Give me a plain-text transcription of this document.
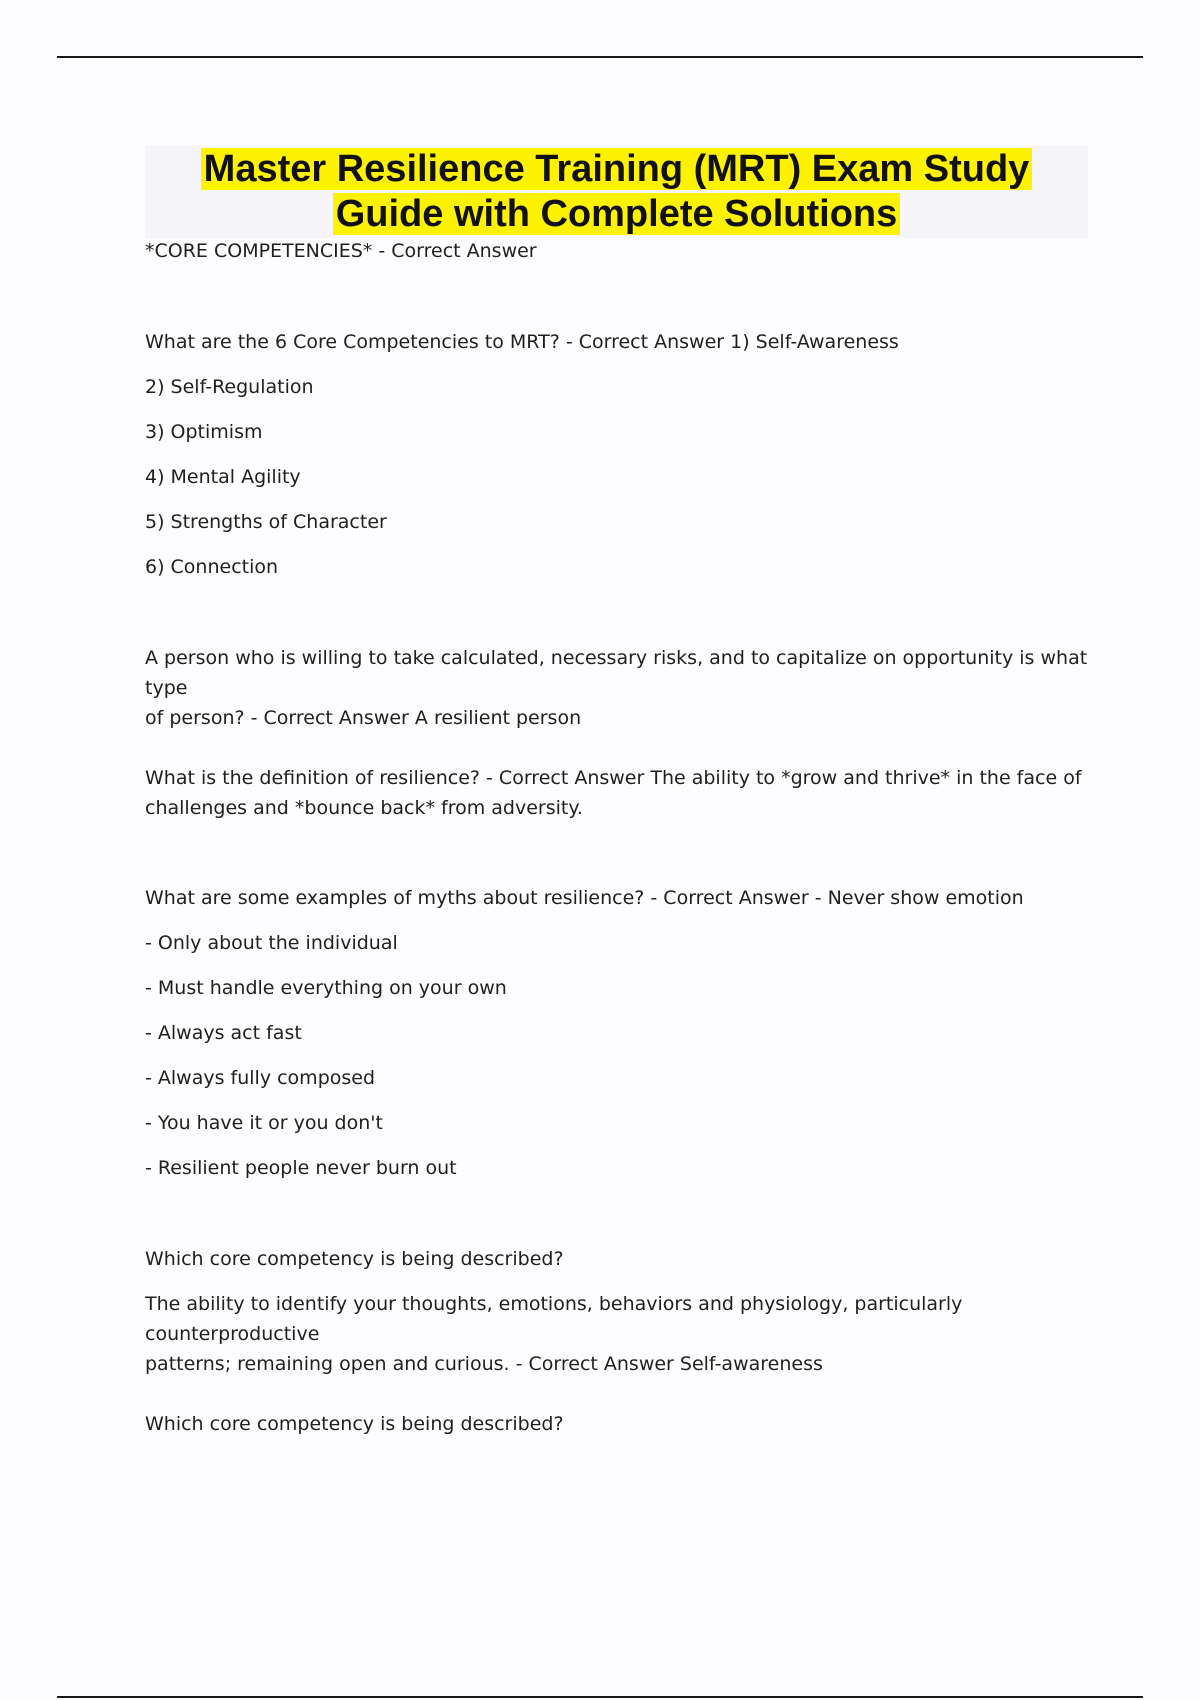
Master Resilience Training (MRT) Exam Study
Guide with Complete Solutions

*CORE COMPETENCIES* - Correct Answer

What are the 6 Core Competencies to MRT? - Correct Answer 1) Self-Awareness

2) Self-Regulation

3) Optimism

4) Mental Agility

5) Strengths of Character

6) Connection

A person who is willing to take calculated, necessary risks, and to capitalize on opportunity is what type

of person? - Correct Answer A resilient person

What is the definition of resilience? - Correct Answer The ability to *grow and thrive* in the face of

challenges and *bounce back* from adversity.

What are some examples of myths about resilience? - Correct Answer - Never show emotion

- Only about the individual

- Must handle everything on your own

- Always act fast

- Always fully composed

- You have it or you don't

- Resilient people never burn out

Which core competency is being described?

The ability to identify your thoughts, emotions, behaviors and physiology, particularly counterproductive

patterns; remaining open and curious. - Correct Answer Self-awareness

Which core competency is being described?
